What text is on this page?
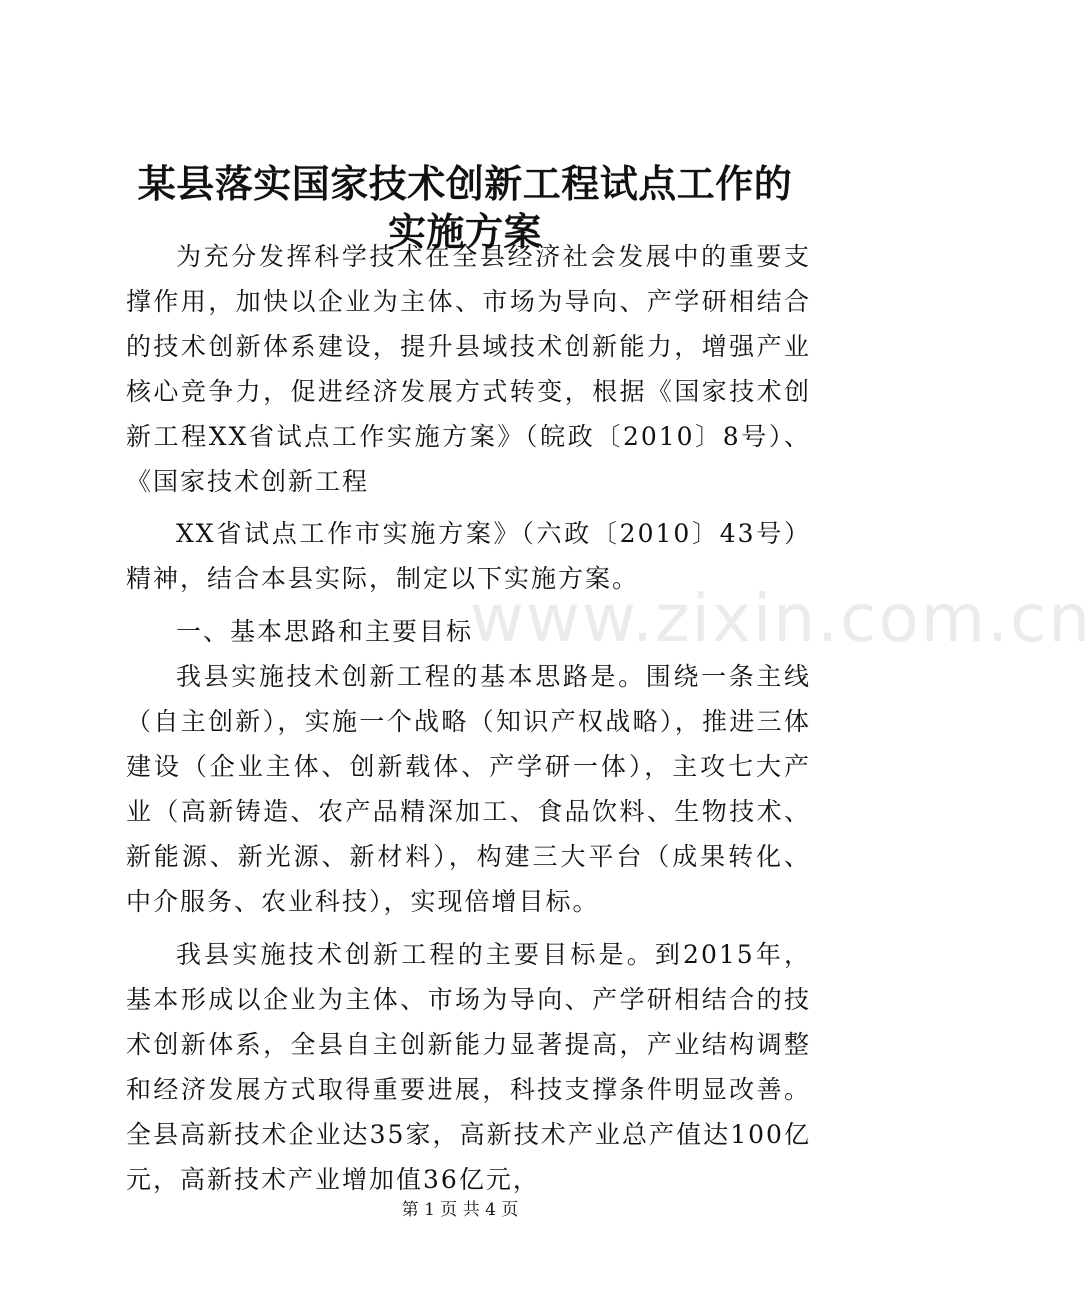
某县落实国家技术创新工程试点工作的实施方案

为充分发挥科学技术在全县经济社会发展中的重要支撑作用，加快以企业为主体、市场为导向、产学研相结合的技术创新体系建设，提升县域技术创新能力，增强产业核心竞争力，促进经济发展方式转变，根据《国家技术创新工程XX省试点工作实施方案》（皖政〔2010〕8号）、《国家技术创新工程

XX省试点工作市实施方案》（六政〔2010〕43号）精神，结合本县实际，制定以下实施方案。

一、基本思路和主要目标

我县实施技术创新工程的基本思路是。围绕一条主线（自主创新），实施一个战略（知识产权战略），推进三体建设（企业主体、创新载体、产学研一体），主攻七大产业（高新铸造、农产品精深加工、食品饮料、生物技术、新能源、新光源、新材料），构建三大平台（成果转化、中介服务、农业科技），实现倍增目标。

我县实施技术创新工程的主要目标是。到2015年，基本形成以企业为主体、市场为导向、产学研相结合的技术创新体系，全县自主创新能力显著提高，产业结构调整和经济发展方式取得重要进展，科技支撑条件明显改善。全县高新技术企业达35家，高新技术产业总产值达100亿元，高新技术产业增加值36亿元，

www.zixin.com.cn
第 1 页 共 4 页
